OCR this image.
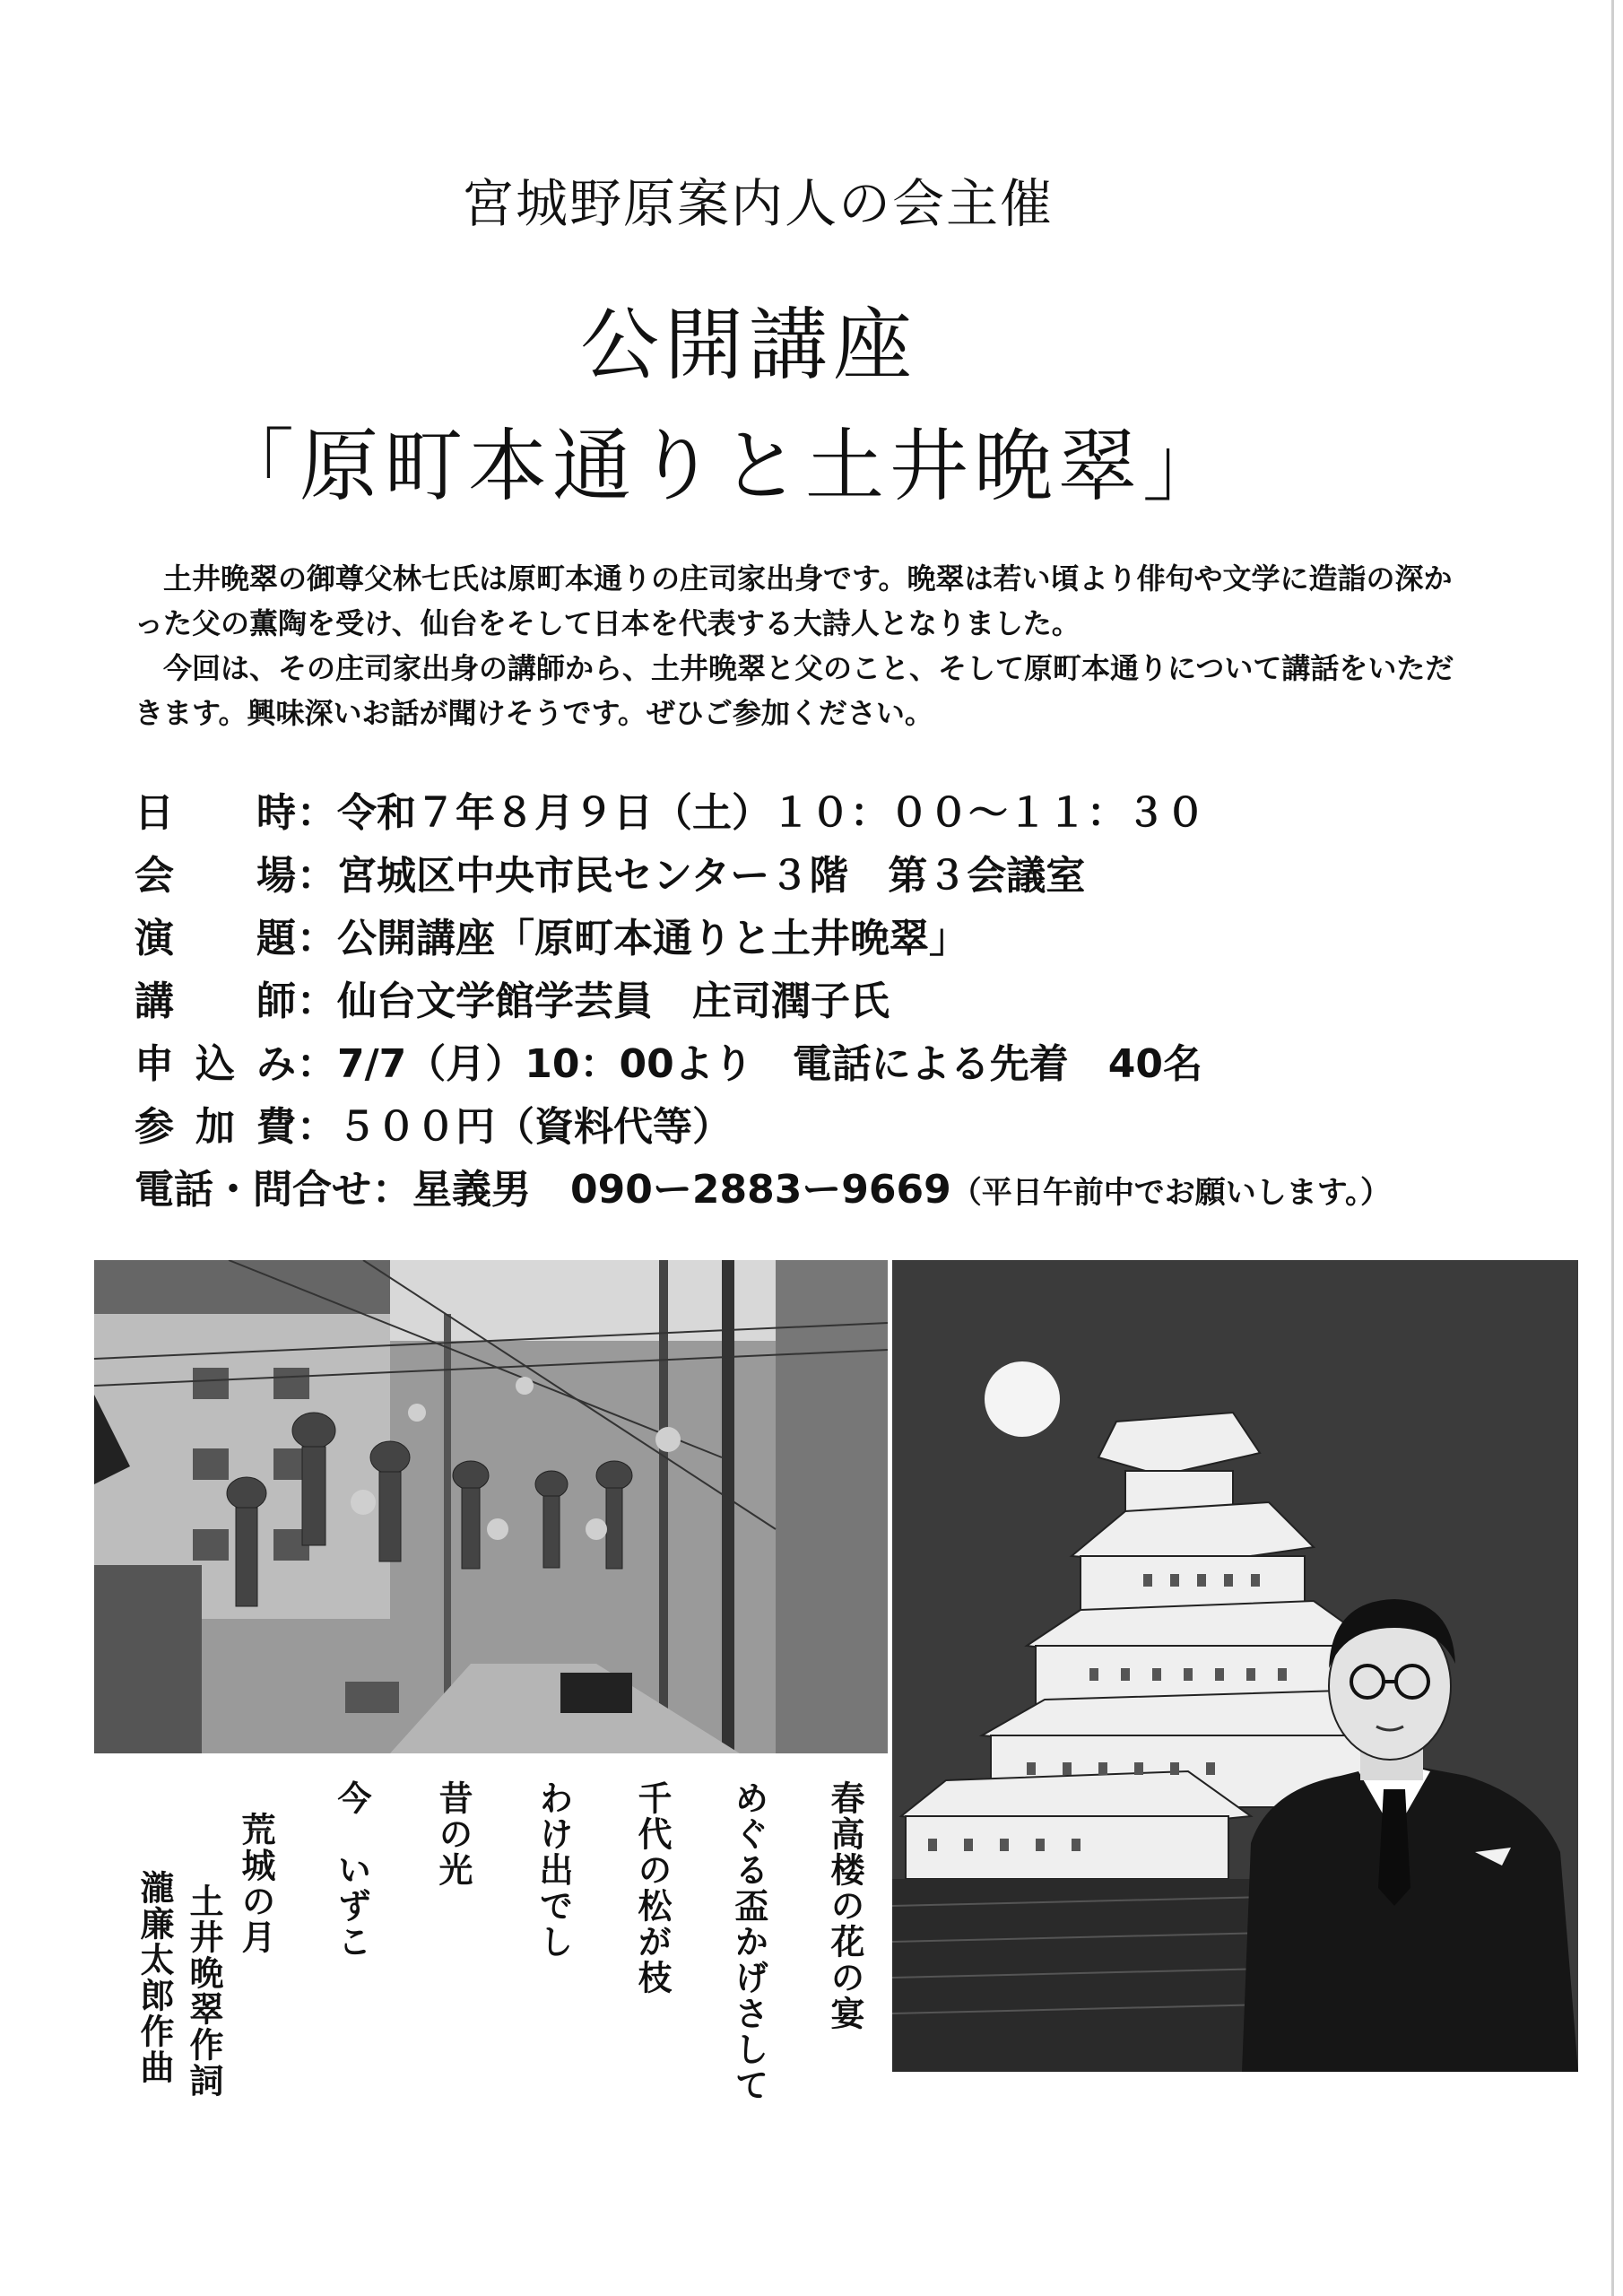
宮城野原案内人の会主催
公開講座
「原町本通りと土井晩翠」

土井晩翠の御尊父林七氏は原町本通りの庄司家出身です。晩翠は若い頃より俳句や文学に造詣の深かった父の薫陶を受け、仙台をそして日本を代表する大詩人となりました。

今回は、その庄司家出身の講師から、土井晩翠と父のこと、そして原町本通りについて講話をいただきます。興味深いお話が聞けそうです。ぜひご参加ください。

日時 ： 令和７年８月９日（土）１０：００〜１１：３０
会場 ： 宮城区中央市民センター３階　第３会議室
演題 ： 公開講座「原町本通りと土井晩翠」
講師 ： 仙台文学館学芸員　庄司潤子氏
申込み ： 7/7（月）10：00より　電話による先着　40名
参加費 ： ５００円（資料代等）
電話・問合せ ： 星義男　090ー2883ー9669 （平日午前中でお願いします。）
春高楼の花の宴
めぐる盃かげさして
千代の松が枝
わけ出でし
昔の光
今　いずこ
荒城の月
土井晩翠作詞
瀧廉太郎作曲
